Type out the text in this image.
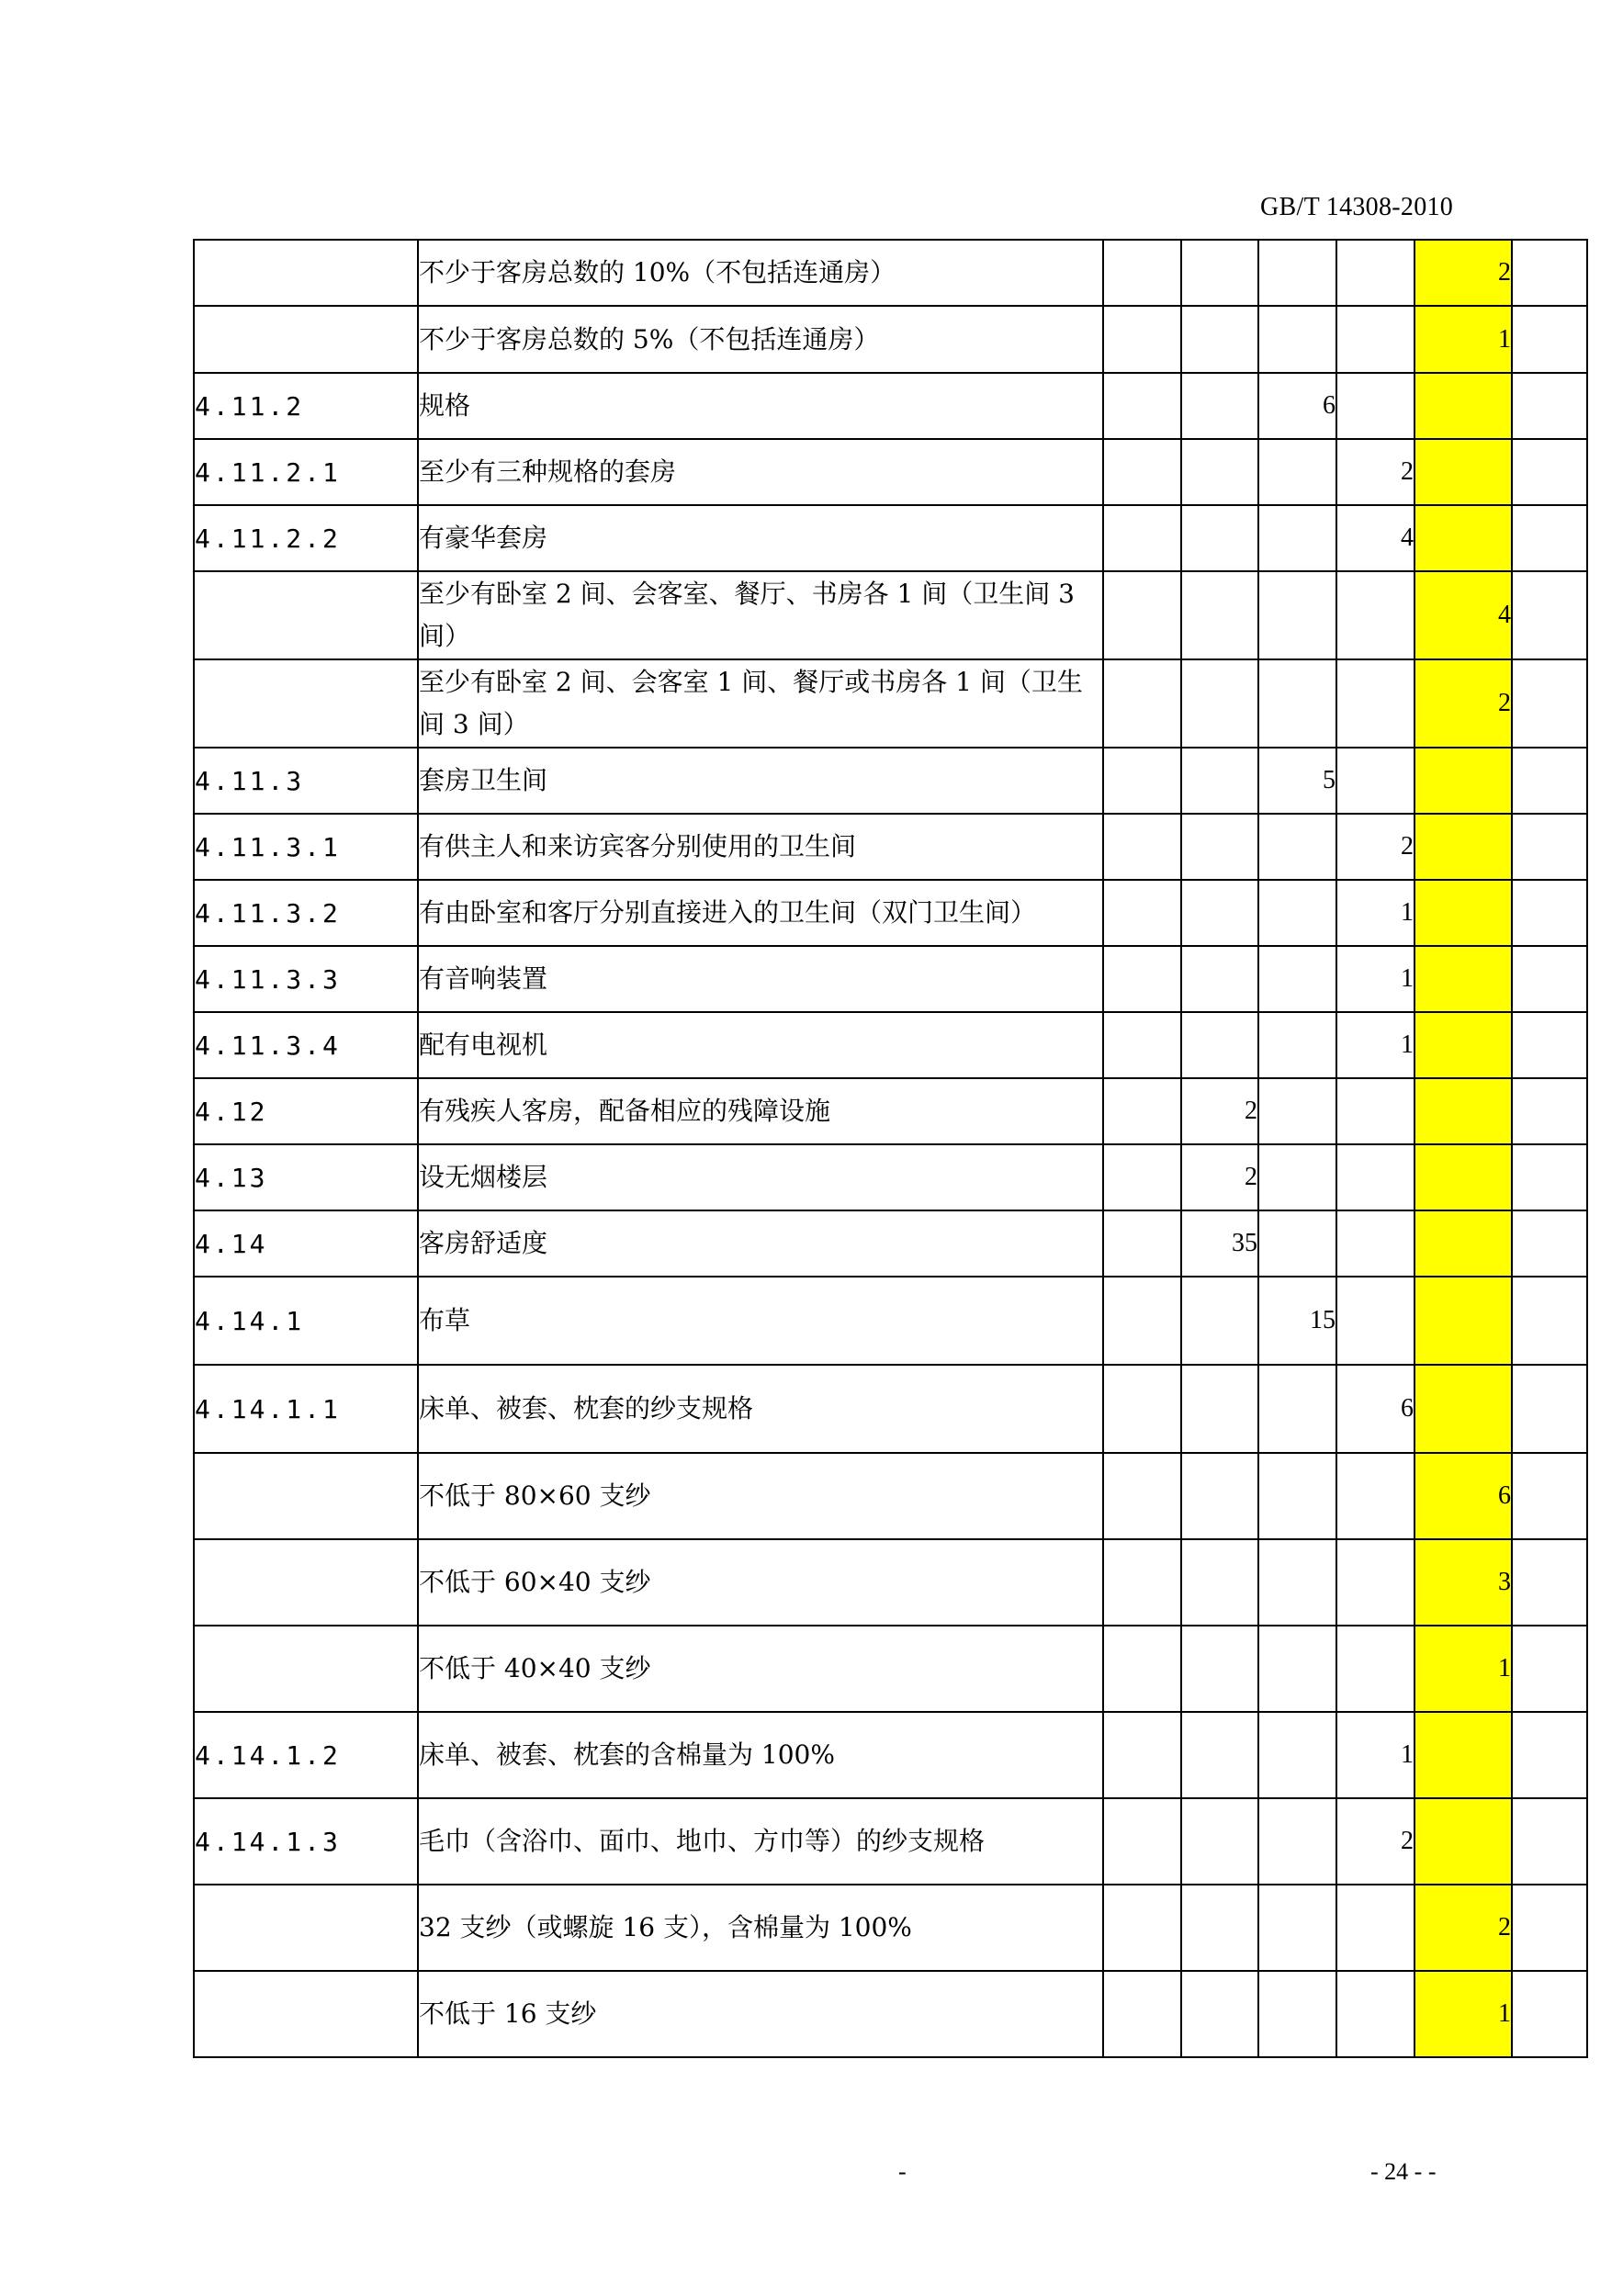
GB/T 14308-2010
	不少于客房总数的 10%（不包括连通房）					2	
	不少于客房总数的 5%（不包括连通房）					1	
4.11.2	规格			6			
4.11.2.1	至少有三种规格的套房				2		
4.11.2.2	有豪华套房				4		
	至少有卧室 2 间、会客室、餐厅、书房各 1 间（卫生间 3 间）					4	
	至少有卧室 2 间、会客室 1 间、餐厅或书房各 1 间（卫生间 3 间）					2	
4.11.3	套房卫生间			5			
4.11.3.1	有供主人和来访宾客分别使用的卫生间				2		
4.11.3.2	有由卧室和客厅分别直接进入的卫生间（双门卫生间）				1		
4.11.3.3	有音响装置				1		
4.11.3.4	配有电视机				1		
4.12	有残疾人客房，配备相应的残障设施		2				
4.13	设无烟楼层		2				
4.14	客房舒适度		35				
4.14.1	布草			15			
4.14.1.1	床单、被套、枕套的纱支规格				6		
	不低于 80×60 支纱					6	
	不低于 60×40 支纱					3	
	不低于 40×40 支纱					1	
4.14.1.2	床单、被套、枕套的含棉量为 100%				1		
4.14.1.3	毛巾（含浴巾、面巾、地巾、方巾等）的纱支规格				2		
	32 支纱（或螺旋 16 支），含棉量为 100%					2	
	不低于 16 支纱					1	
-	- 24 - -
